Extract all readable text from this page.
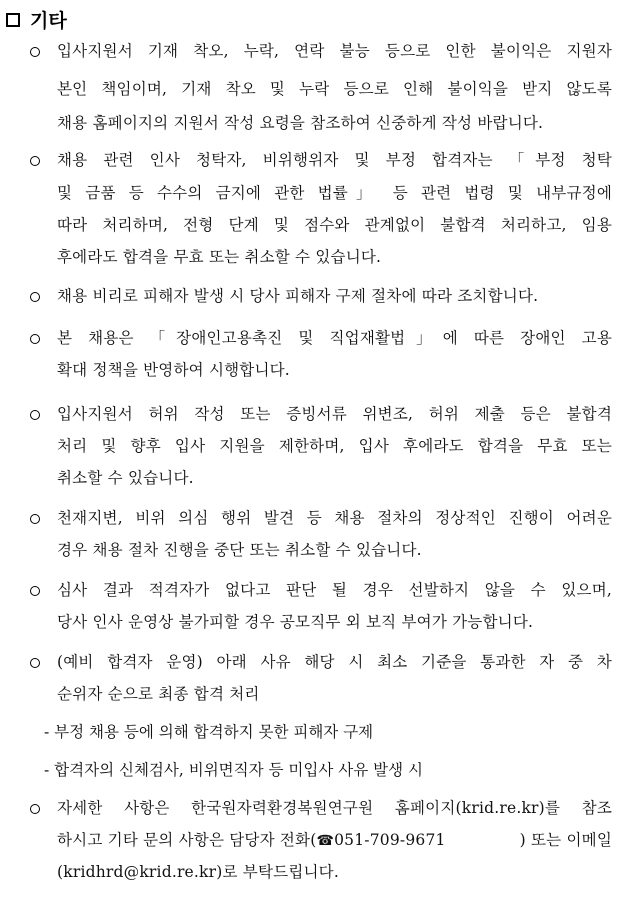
기타
입사지원서 기재 착오, 누락, 연락 불능 등으로 인한 불이익은 지원자
본인 책임이며, 기재 착오 및 누락 등으로 인해 불이익을 받지 않도록
채용 홈페이지의 지원서 작성 요령을 참조하여 신중하게 작성 바랍니다.
채용 관련 인사 청탁자, 비위행위자 및 부정 합격자는 「부정 청탁
및 금품 등 수수의 금지에 관한 법률」 등 관련 법령 및 내부규정에
따라 처리하며, 전형 단계 및 점수와 관계없이 불합격 처리하고, 임용
후에라도 합격을 무효 또는 취소할 수 있습니다.
채용 비리로 피해자 발생 시 당사 피해자 구제 절차에 따라 조치합니다.
본 채용은 「장애인고용촉진 및 직업재활법」에 따른 장애인 고용
확대 정책을 반영하여 시행합니다.
입사지원서 허위 작성 또는 증빙서류 위변조, 허위 제출 등은 불합격
처리 및 향후 입사 지원을 제한하며, 입사 후에라도 합격을 무효 또는
취소할 수 있습니다.
천재지변, 비위 의심 행위 발견 등 채용 절차의 정상적인 진행이 어려운
경우 채용 절차 진행을 중단 또는 취소할 수 있습니다.
심사 결과 적격자가 없다고 판단 될 경우 선발하지 않을 수 있으며,
당사 인사 운영상 불가피할 경우 공모직무 외 보직 부여가 가능합니다.
(예비 합격자 운영) 아래 사유 해당 시 최소 기준을 통과한 자 중 차
순위자 순으로 최종 합격 처리
- 부정 채용 등에 의해 합격하지 못한 피해자 구제
- 합격자의 신체검사, 비위면직자 등 미입사 사유 발생 시
자세한 사항은 한국원자력환경복원연구원 홈페이지(krid.re.kr)를 참조
하시고 기타 문의 사항은 담당자 전화(☎051-709-9671	) 또는 이메일
(kridhrd@krid.re.kr)로 부탁드립니다.
